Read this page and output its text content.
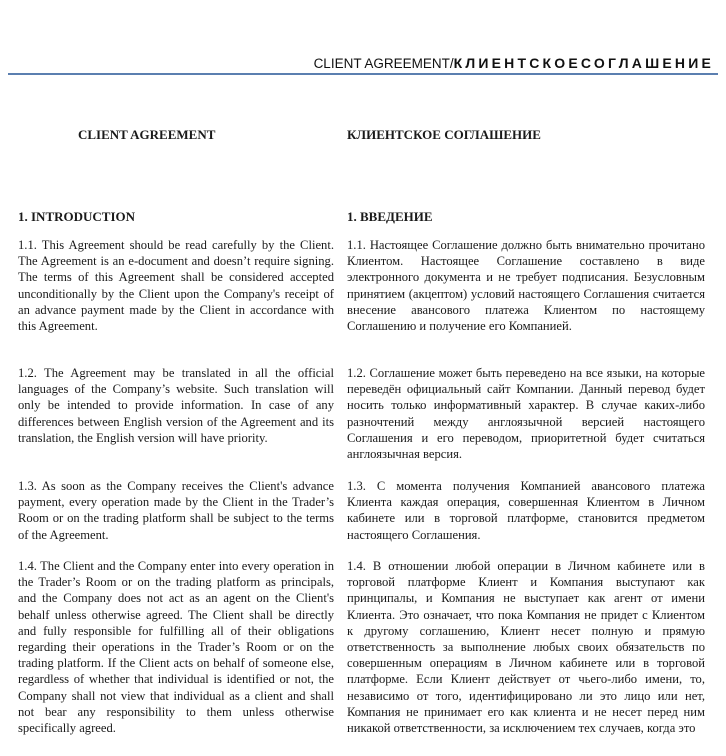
CLIENT AGREEMENT/КЛИЕНТСКОЕСОГЛАШЕНИЕ
CLIENT AGREEMENT
1. INTRODUCTION

1.1. This Agreement should be read carefully by the Client. The Agreement is an e-document and doesn’t require signing. The terms of this Agreement shall be considered accepted unconditionally by the Client upon the Company's receipt of an advance payment made by the Client in accordance with this Agreement.

1.2. The Agreement may be translated in all the official languages of the Company’s website. Such translation will only be intended to provide information. In case of any differences between English version of the Agreement and its translation, the English version will have priority.

1.3. As soon as the Company receives the Client's advance payment, every operation made by the Client in the Trader’s Room or on the trading platform shall be subject to the terms of the Agreement.

1.4. The Client and the Company enter into every operation in the Trader’s Room or on the trading platform as principals, and the Company does not act as an agent on the Client's behalf unless otherwise agreed. The Client shall be directly and fully responsible for fulfilling all of their obligations regarding their operations in the Trader’s Room or on the trading platform. If the Client acts on behalf of someone else, regardless of whether that individual is identified or not, the Company shall not view that individual as a client and shall not bear any responsibility to them unless otherwise specifically agreed.

КЛИЕНТСКОЕ СОГЛАШЕНИЕ
1. ВВЕДЕНИЕ

1.1. Настоящее Соглашение должно быть внимательно прочитано Клиентом. Настоящее Соглашение составлено в виде электронного документа и не требует подписания. Безусловным принятием (акцептом) условий настоящего Соглашения считается внесение авансового платежа Клиентом по настоящему Соглашению и получение его Компанией.

1.2. Соглашение может быть переведено на все языки, на которые переведён официальный сайт Компании. Данный перевод будет носить только информативный характер. В случае каких-либо разночтений между англоязычной версией настоящего Соглашения и его переводом, приоритетной будет считаться англоязычная версия.

1.3. С момента получения Компанией авансового платежа Клиента каждая операция, совершенная Клиентом в Личном кабинете или в торговой платформе, становится предметом настоящего Соглашения.

1.4. В отношении любой операции в Личном кабинете или в торговой платформе Клиент и Компания выступают как принципалы, и Компания не выступает как агент от имени Клиента. Это означает, что пока Компания не придет с Клиентом к другому соглашению, Клиент несет полную и прямую ответственность за выполнение любых своих обязательств по совершенным операциям в Личном кабинете или в торговой платформе. Если Клиент действует от чьего-либо имени, то, независимо от того, идентифицировано ли это лицо или нет, Компания не принимает его как клиента и не несет перед ним никакой ответственности, за исключением тех случаев, когда это
